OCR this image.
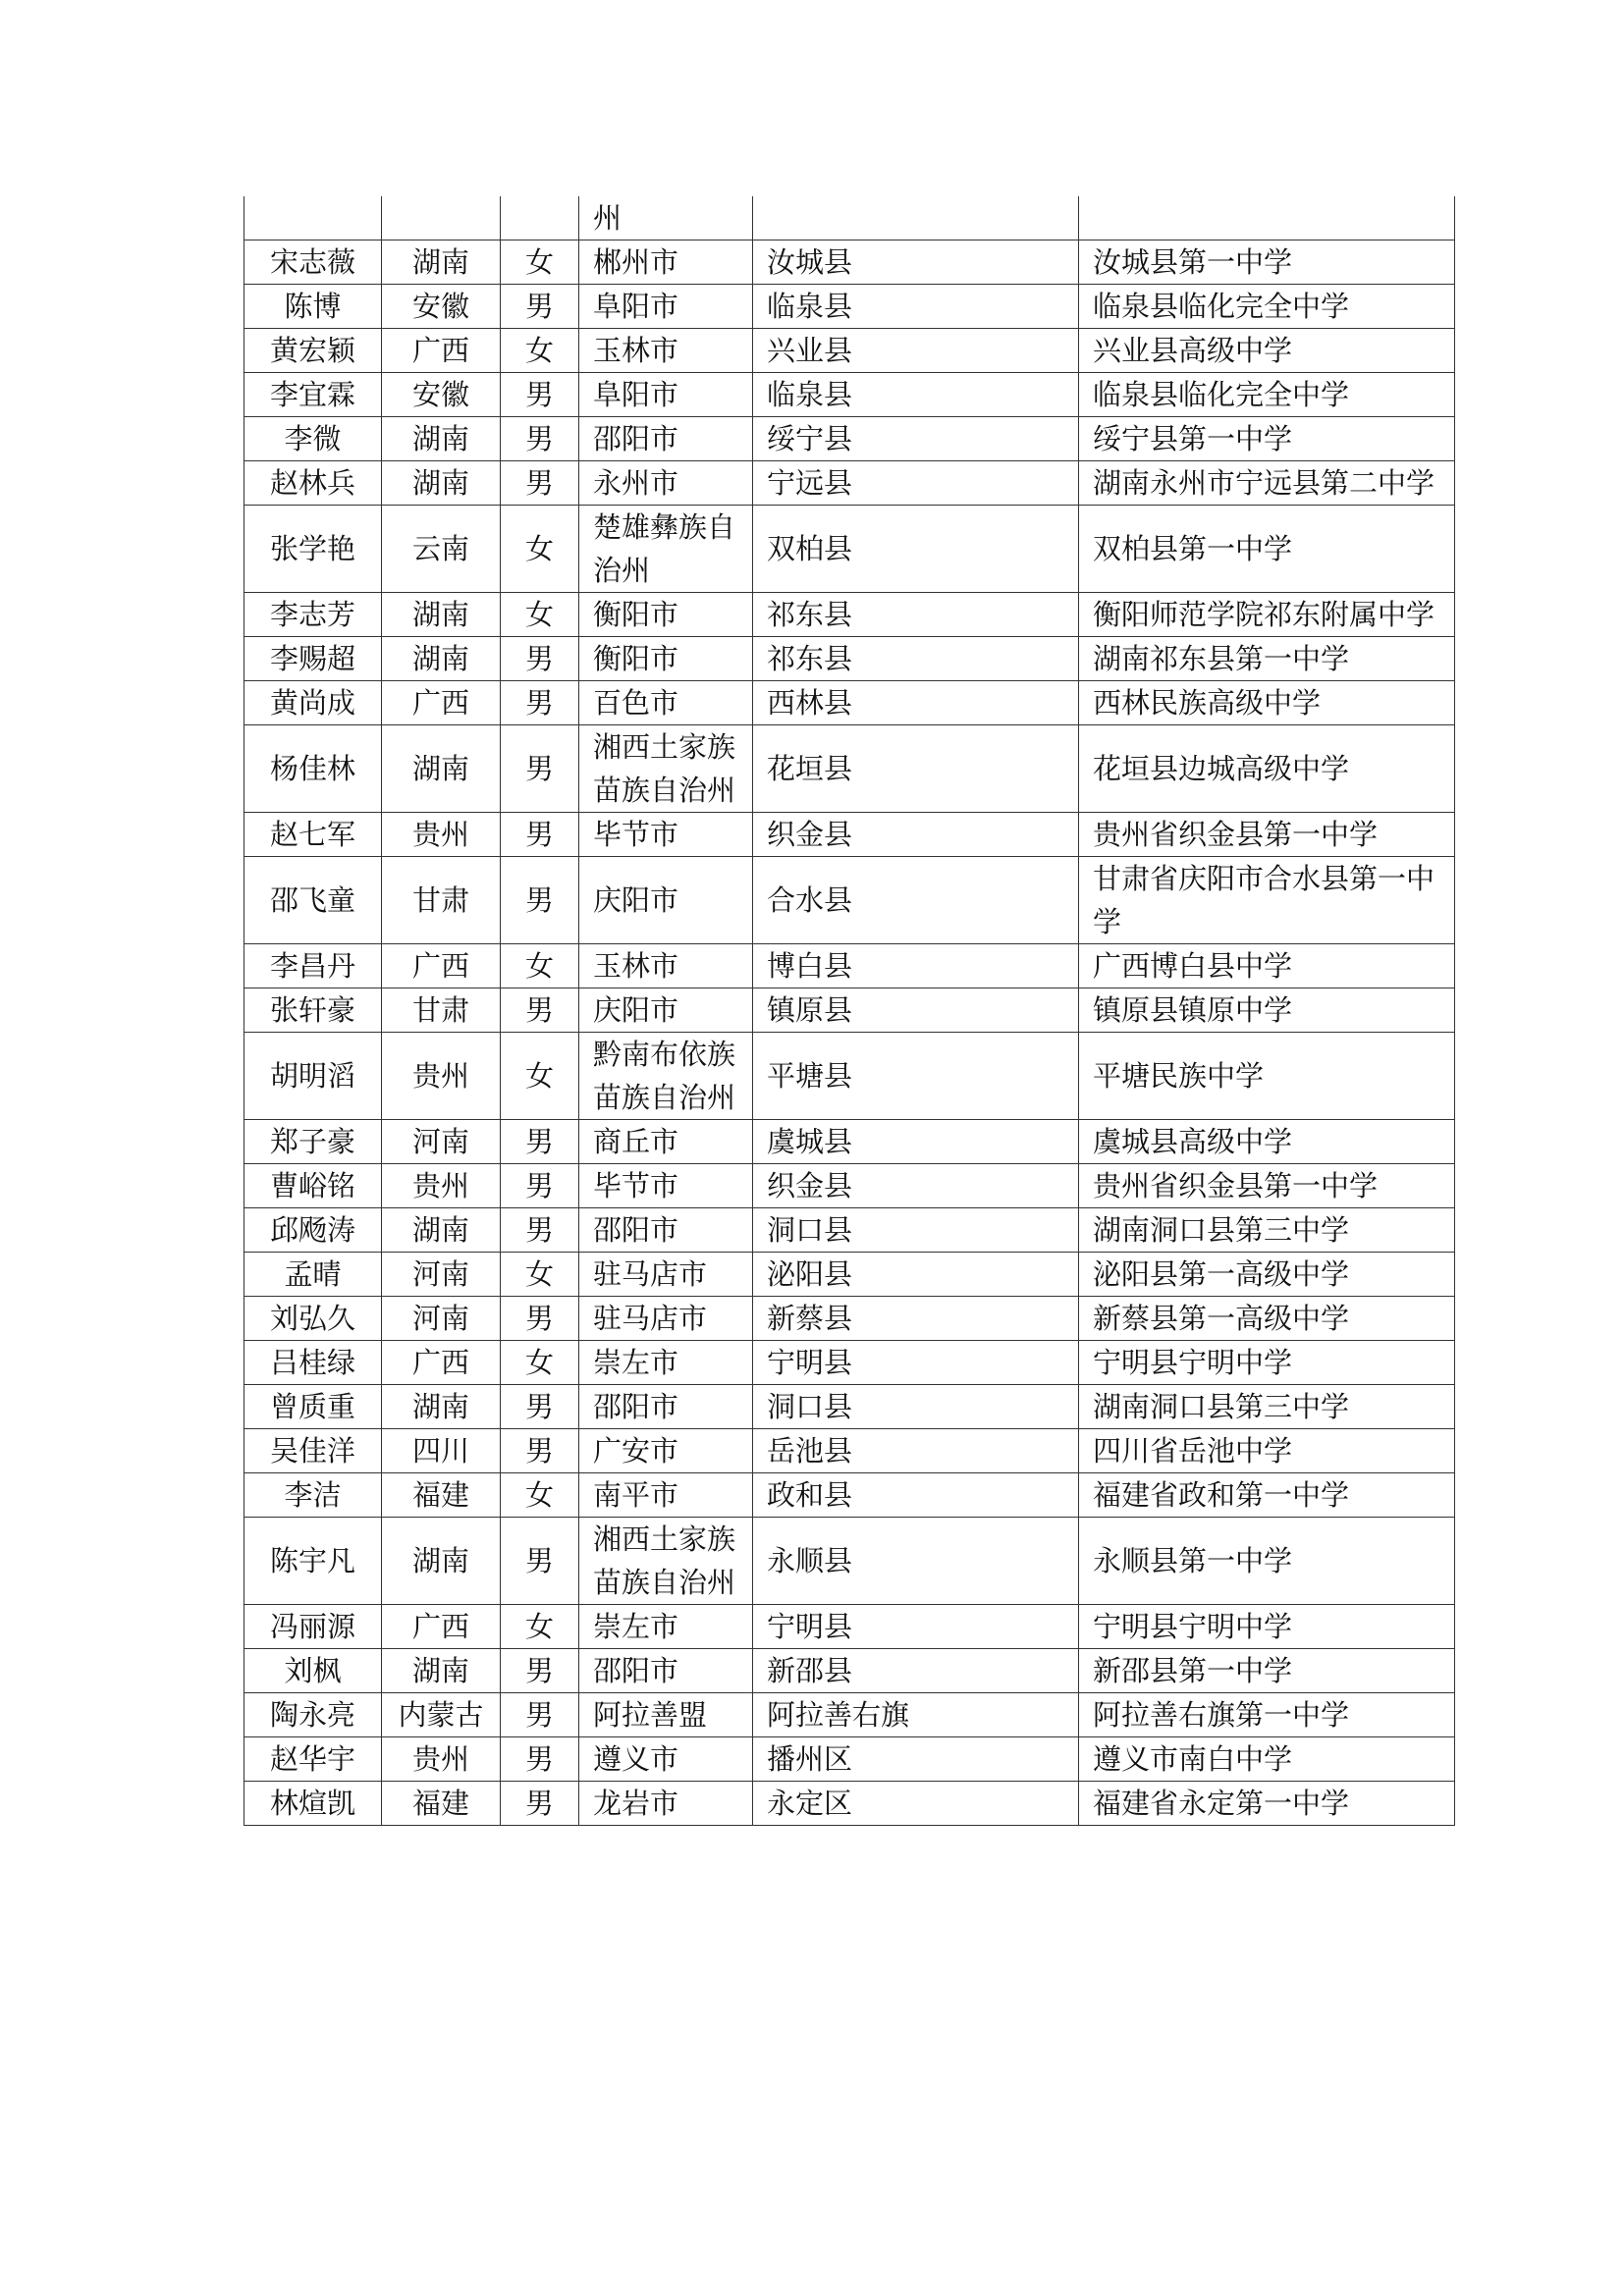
			州		
宋志薇	湖南	女	郴州市	汝城县	汝城县第一中学
陈博	安徽	男	阜阳市	临泉县	临泉县临化完全中学
黄宏颖	广西	女	玉林市	兴业县	兴业县高级中学
李宜霖	安徽	男	阜阳市	临泉县	临泉县临化完全中学
李微	湖南	男	邵阳市	绥宁县	绥宁县第一中学
赵林兵	湖南	男	永州市	宁远县	湖南永州市宁远县第二中学
张学艳	云南	女	楚雄彝族自治州	双柏县	双柏县第一中学
李志芳	湖南	女	衡阳市	祁东县	衡阳师范学院祁东附属中学
李赐超	湖南	男	衡阳市	祁东县	湖南祁东县第一中学
黄尚成	广西	男	百色市	西林县	西林民族高级中学
杨佳林	湖南	男	湘西土家族苗族自治州	花垣县	花垣县边城高级中学
赵七军	贵州	男	毕节市	织金县	贵州省织金县第一中学
邵飞童	甘肃	男	庆阳市	合水县	甘肃省庆阳市合水县第一中学
李昌丹	广西	女	玉林市	博白县	广西博白县中学
张轩豪	甘肃	男	庆阳市	镇原县	镇原县镇原中学
胡明滔	贵州	女	黔南布依族苗族自治州	平塘县	平塘民族中学
郑子豪	河南	男	商丘市	虞城县	虞城县高级中学
曹峪铭	贵州	男	毕节市	织金县	贵州省织金县第一中学
邱飏涛	湖南	男	邵阳市	洞口县	湖南洞口县第三中学
孟晴	河南	女	驻马店市	泌阳县	泌阳县第一高级中学
刘弘久	河南	男	驻马店市	新蔡县	新蔡县第一高级中学
吕桂绿	广西	女	崇左市	宁明县	宁明县宁明中学
曾质重	湖南	男	邵阳市	洞口县	湖南洞口县第三中学
吴佳洋	四川	男	广安市	岳池县	四川省岳池中学
李洁	福建	女	南平市	政和县	福建省政和第一中学
陈宇凡	湖南	男	湘西土家族苗族自治州	永顺县	永顺县第一中学
冯丽源	广西	女	崇左市	宁明县	宁明县宁明中学
刘枫	湖南	男	邵阳市	新邵县	新邵县第一中学
陶永亮	内蒙古	男	阿拉善盟	阿拉善右旗	阿拉善右旗第一中学
赵华宇	贵州	男	遵义市	播州区	遵义市南白中学
林煊凯	福建	男	龙岩市	永定区	福建省永定第一中学
